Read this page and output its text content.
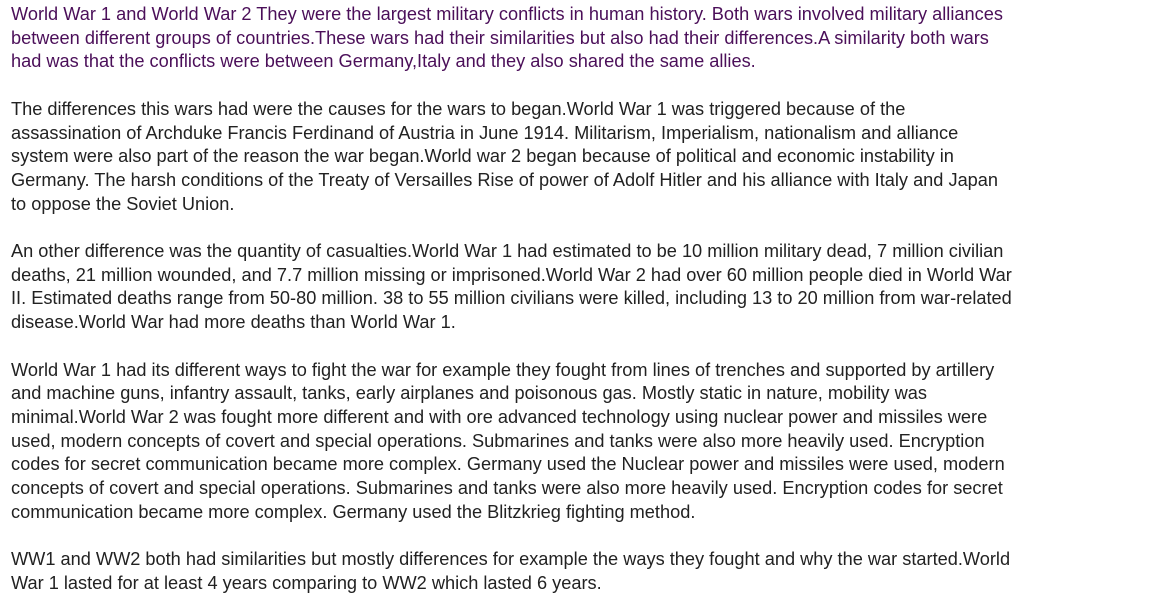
World War 1 and World War 2 They were the largest military conflicts in human history. Both wars involved military alliances
between different groups of countries.These wars had their similarities but also had their differences.A similarity both wars
had was that the conflicts were between Germany,Italy and they also shared the same allies.

The differences this wars had were the causes for the wars to began.World War 1 was triggered because of the
assassination of Archduke Francis Ferdinand of Austria in June 1914. Militarism, Imperialism, nationalism and alliance
system were also part of the reason the war began.World war 2 began because of political and economic instability in
Germany. The harsh conditions of the Treaty of Versailles Rise of power of Adolf Hitler and his alliance with Italy and Japan
to oppose the Soviet Union.

An other difference was the quantity of casualties.World War 1 had estimated to be 10 million military dead, 7 million civilian
deaths, 21 million wounded, and 7.7 million missing or imprisoned.World War 2 had over 60 million people died in World War
II. Estimated deaths range from 50-80 million. 38 to 55 million civilians were killed, including 13 to 20 million from war-related
disease.World War had more deaths than World War 1.

World War 1 had its different ways to fight the war for example they fought from lines of trenches and supported by artillery
and machine guns, infantry assault, tanks, early airplanes and poisonous gas. Mostly static in nature, mobility was
minimal.World War 2 was fought more different and with ore advanced technology using nuclear power and missiles were
used, modern concepts of covert and special operations. Submarines and tanks were also more heavily used. Encryption
codes for secret communication became more complex. Germany used the Nuclear power and missiles were used, modern
concepts of covert and special operations. Submarines and tanks were also more heavily used. Encryption codes for secret
communication became more complex. Germany used the Blitzkrieg fighting method.

WW1 and WW2 both had similarities but mostly differences for example the ways they fought and why the war started.World
War 1 lasted for at least 4 years comparing to WW2 which lasted 6 years.
